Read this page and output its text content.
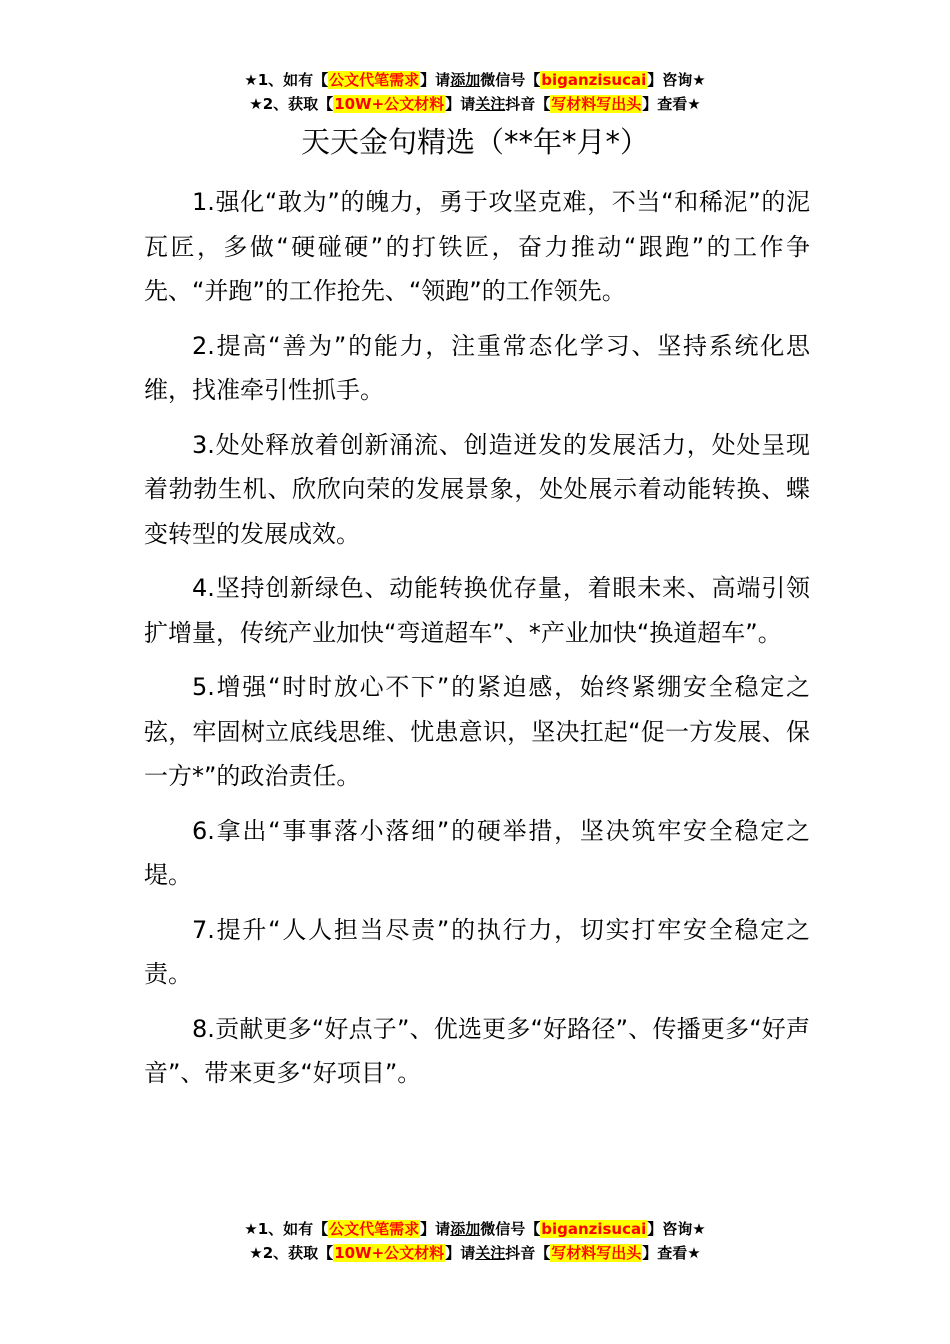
★1、如有【公文代笔需求】请添加微信号【biganzisucai】咨询★
★2、获取【10W+公文材料】请关注抖音【写材料写出头】查看★
天天金句精选（**年*月*）

1.强化“敢为”的魄力，勇于攻坚克难，不当“和稀泥”的泥瓦匠，多做“硬碰硬”的打铁匠，奋力推动“跟跑”的工作争先、“并跑”的工作抢先、“领跑”的工作领先。

2.提高“善为”的能力，注重常态化学习、坚持系统化思维，找准牵引性抓手。

3.处处释放着创新涌流、创造迸发的发展活力，处处呈现着勃勃生机、欣欣向荣的发展景象，处处展示着动能转换、蝶变转型的发展成效。

4.坚持创新绿色、动能转换优存量，着眼未来、高端引领扩增量，传统产业加快“弯道超车”、*产业加快“换道超车”。

5.增强“时时放心不下”的紧迫感，始终紧绷安全稳定之弦，牢固树立底线思维、忧患意识，坚决扛起“促一方发展、保一方*”的政治责任。

6.拿出“事事落小落细”的硬举措，坚决筑牢安全稳定之堤。

7.提升“人人担当尽责”的执行力，切实打牢安全稳定之责。

8.贡献更多“好点子”、优选更多“好路径”、传播更多“好声音”、带来更多“好项目”。

★1、如有【公文代笔需求】请添加微信号【biganzisucai】咨询★
★2、获取【10W+公文材料】请关注抖音【写材料写出头】查看★
